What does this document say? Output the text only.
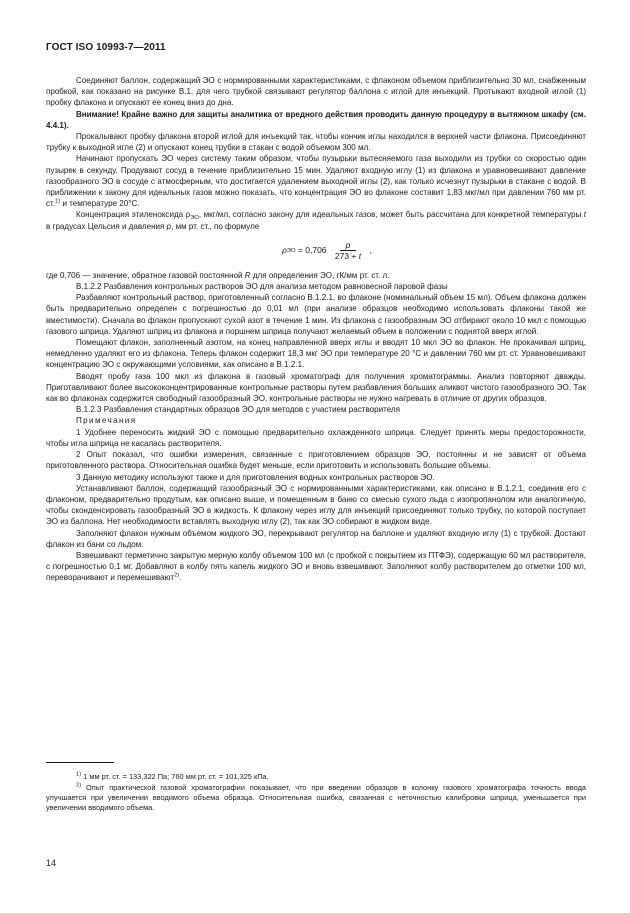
ГОСТ ISO 10993-7—2011

Соединяют баллон, содержащий ЭО с нормированными характеристиками, с флаконом объемом приблизительно 30 мл, снабженным пробкой, как показано на рисунке В.1, для чего трубкой связывают регулятор баллона с иглой для инъекций. Протыкают входной иглой (1) пробку флакона и опускают ее конец вниз до дна.

Внимание! Крайне важно для защиты аналитика от вредного действия проводить данную процедуру в вытяжном шкафу (см. 4.4.1).

Прокалывают пробку флакона второй иглой для инъекций так, чтобы кончик иглы находился в верхней части флакона. Присоединяют трубку к выходной игле (2) и опускают конец трубки в стакан с водой объемом 300 мл.

Начинают пропускать ЭО через систему таким образом, чтобы пузырьки вытесняемого газа выходили из трубки со скоростью один пузырек в секунду. Продувают сосуд в течение приблизительно 15 мин. Удаляют входную иглу (1) из флакона и уравновешивают давление газообразного ЭО в сосуде с атмосферным, что достигается удалением выходной иглы (2), как только исчезнут пузырьки в стакане с водой. В приближении к закону для идеальных газов можно показать, что концентрация ЭО во флаконе составит 1,83 мкг/мл при давлении 760 мм рт. ст.$^{1)}$ и температуре 20°С.

Концентрация этиленоксида $\rho_{ЭО}$, мкг/мл, согласно закону для идеальных газов, может быть рассчитана для конкретной температуры t в градусах Цельсия и давления p, мм рт. ст., по формуле

ρ ЭО = $0,706 \frac{p}{273 + t}$ ,

где 0,706 — значение, обратное газовой постоянной R для определения ЭО, гК/мм рт. ст. л.

В.1.2.2 Разбавления контрольных растворов ЭО для анализа методом равновесной паровой фазы

Разбавляют контрольный раствор, приготовленный согласно В.1.2.1, во флаконе (номинальный объем 15 мл). Объем флакона должен быть предварительно определен с погрешностью до 0,01 мл (при анализе образцов необходимо использовать флаконы такой же вместимости). Сначала во флакон пропускают сухой азот в течение 1 мин. Из флакона с газообразным ЭО отбирают около 10 мкл с помощью газового шприца. Удаляют шприц из флакона и поршнем шприца получают желаемый объем в положении с поднятой вверх иглой.

Помещают флакон, заполненный азотом, на конец направленной вверх иглы и вводят 10 мкл ЭО во флакон. Не прокачивая шприц, немедленно удаляют его из флакона. Теперь флакон содержит 18,3 мкг ЭО при температуре 20 °С и давлении 760 мм рт. ст. Уравновешивают концентрацию ЭО с окружающими условиями, как описано в В.1.2.1.

Вводят пробу газа 100 мкл из флакона в газовый хроматограф для получения хроматограммы. Анализ повторяют дважды. Приготавливают более высококонцентрированные контрольные растворы путем разбавления больших аликвот чистого газообразного ЭО. Так как во флаконах содержится свободный газообразный ЭО, контрольные растворы не нужно нагревать в отличие от других образцов.

В.1.2.3 Разбавления стандартных образцов ЭО для методов с участием растворителя

Примечания

1 Удобнее переносить жидкий ЭО с помощью предварительно охлажденного шприца. Следует принять меры предосторожности, чтобы игла шприца не касалась растворителя.

2 Опыт показал, что ошибки измерения, связанные с приготовлением образцов ЭО, постоянны и не зависят от объема приготовленного раствора. Относительная ошибка будет меньше, если приготовить и использовать большие объемы.

3 Данную методику используют также и для приготовления водных контрольных растворов ЭО.

Устанавливают баллон, содержащий газообразный ЭО с нормированными характеристиками, как описано в В.1.2.1, соединив его с флаконом, предварительно продутым, как описано выше, и помещенным в баню со смесью сухого льда с изопропанолом или аналогичную, чтобы сконденсировать газообразный ЭО в жидкость. К флакону через иглу для инъекций присоединяют только трубку, по которой поступает ЭО из баллона. Нет необходимости вставлять выходную иглу (2), так как ЭО собирают в жидком виде.

Заполняют флакон нужным объемом жидкого ЭО, перекрывают регулятор на баллоне и удаляют входную иглу (1) с трубкой. Достают флакон из бани со льдом.

Взвешивают герметично закрытую мерную колбу объемом 100 мл (с пробкой с покрытием из ПТФЭ), содержащую 60 мл растворителя, с погрешностью 0,1 мг. Добавляют в колбу пять капель жидкого ЭО и вновь взвешивают. Заполняют колбу растворителем до отметки 100 мл, переворачивают и перемешивают$^{2)}$.

$^{1)}$ 1 мм рт. ст. = 133,322 Па; 760 мм рт. ст. = 101,325 кПа.

$^{2)}$ Опыт практической газовой хроматографии показывает, что при введении образцов в колонку газового хроматографа точность ввода улучшается при увеличении вводимого объема образца. Относительная ошибка, связанная с неточностью калибровки шприца, уменьшается при увеличении вводимого объема.

14
